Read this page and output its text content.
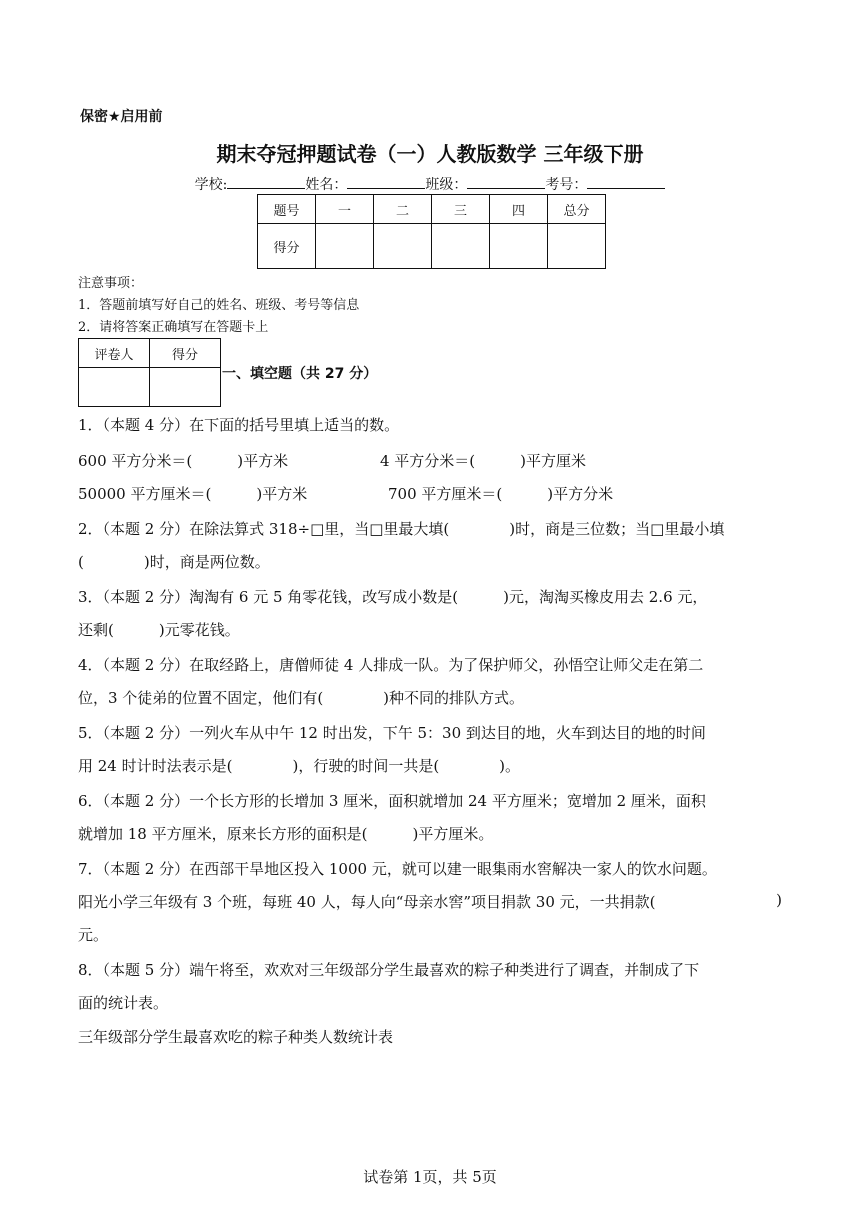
保密★启用前
期末夺冠押题试卷（一）人教版数学 三年级下册
学校:	姓名：	班级：	考号：
题号	一	二	三	四	总分
得分					
注意事项：
1．答题前填写好自己的姓名、班级、考号等信息
2．请将答案正确填写在答题卡上
评卷人	得分

一、填空题（共 27 分）
1．（本题 4 分）在下面的括号里填上适当的数。
600 平方分米＝(　　　)平方米	4 平方分米＝(　　　)平方厘米
50000 平方厘米＝(　　　)平方米	700 平方厘米＝(　　　)平方分米
2．（本题 2 分）在除法算式 318÷□里，当□里最大填(　　　　)时，商是三位数；当□里最小填
(　　　　)时，商是两位数。
3．（本题 2 分）淘淘有 6 元 5 角零花钱，改写成小数是(　　　)元，淘淘买橡皮用去 2.6 元，
还剩(　　　)元零花钱。
4．（本题 2 分）在取经路上，唐僧师徒 4 人排成一队。为了保护师父，孙悟空让师父走在第二
位，3 个徒弟的位置不固定，他们有(　　　　)种不同的排队方式。
5．（本题 2 分）一列火车从中午 12 时出发，下午 5：30 到达目的地，火车到达目的地的时间
用 24 时计时法表示是(　　　　)，行驶的时间一共是(　　　　)。
6．（本题 2 分）一个长方形的长增加 3 厘米，面积就增加 24 平方厘米；宽增加 2 厘米，面积
就增加 18 平方厘米，原来长方形的面积是(　　　)平方厘米。
7．（本题 2 分）在西部干旱地区投入 1000 元，就可以建一眼集雨水窖解决一家人的饮水问题。
阳光小学三年级有 3 个班，每班 40 人，每人向“母亲水窖”项目捐款 30 元，一共捐款(	)
元。
8．（本题 5 分）端午将至，欢欢对三年级部分学生最喜欢的粽子种类进行了调查，并制成了下
面的统计表。
三年级部分学生最喜欢吃的粽子种类人数统计表
试卷第 1页，共 5页
